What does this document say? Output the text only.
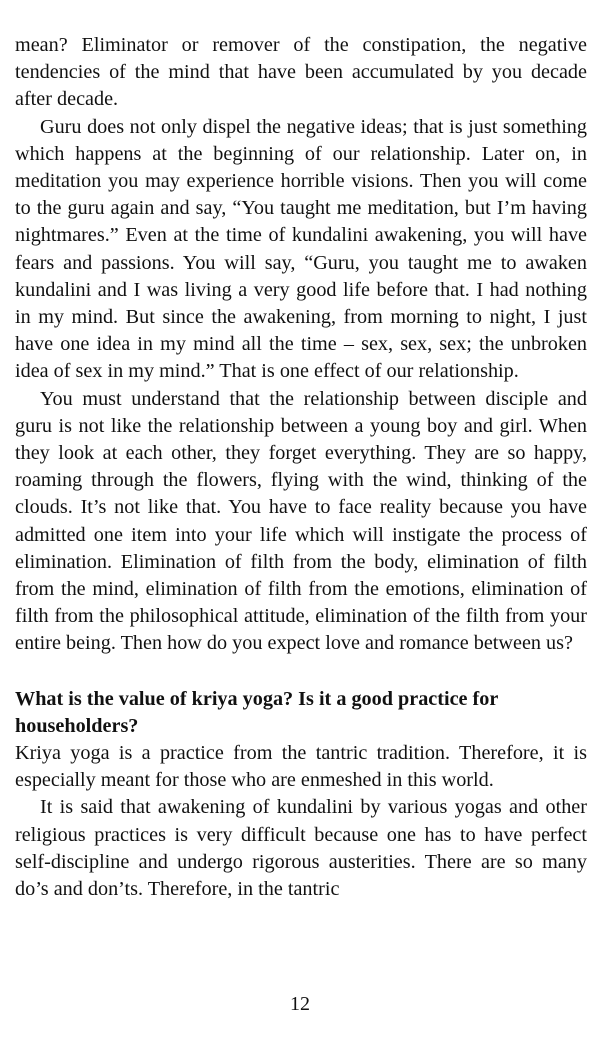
mean? Eliminator or remover of the constipation, the negative tendencies of the mind that have been accumulated by you decade after decade.

Guru does not only dispel the negative ideas; that is just something which happens at the beginning of our relationship. Later on, in meditation you may experience horrible visions. Then you will come to the guru again and say, “You taught me meditation, but I’m having nightmares.” Even at the time of kundalini awakening, you will have fears and passions. You will say, “Guru, you taught me to awaken kundalini and I was living a very good life before that. I had nothing in my mind. But since the awakening, from morning to night, I just have one idea in my mind all the time – sex, sex, sex; the unbroken idea of sex in my mind.” That is one effect of our relationship.

You must understand that the relationship between disciple and guru is not like the relationship between a young boy and girl. When they look at each other, they forget everything. They are so happy, roaming through the flowers, flying with the wind, thinking of the clouds. It’s not like that. You have to face reality because you have admitted one item into your life which will instigate the process of elimination. Elimination of filth from the body, elimination of filth from the mind, elimination of filth from the emotions, elimination of filth from the philosophical attitude, elimination of the filth from your entire being. Then how do you expect love and romance between us?

What is the value of kriya yoga? Is it a good practice for householders?

Kriya yoga is a practice from the tantric tradition. Therefore, it is especially meant for those who are enmeshed in this world.

It is said that awakening of kundalini by various yogas and other religious practices is very difficult because one has to have perfect self-discipline and undergo rigorous austerities. There are so many do’s and don’ts. Therefore, in the tantric

12
